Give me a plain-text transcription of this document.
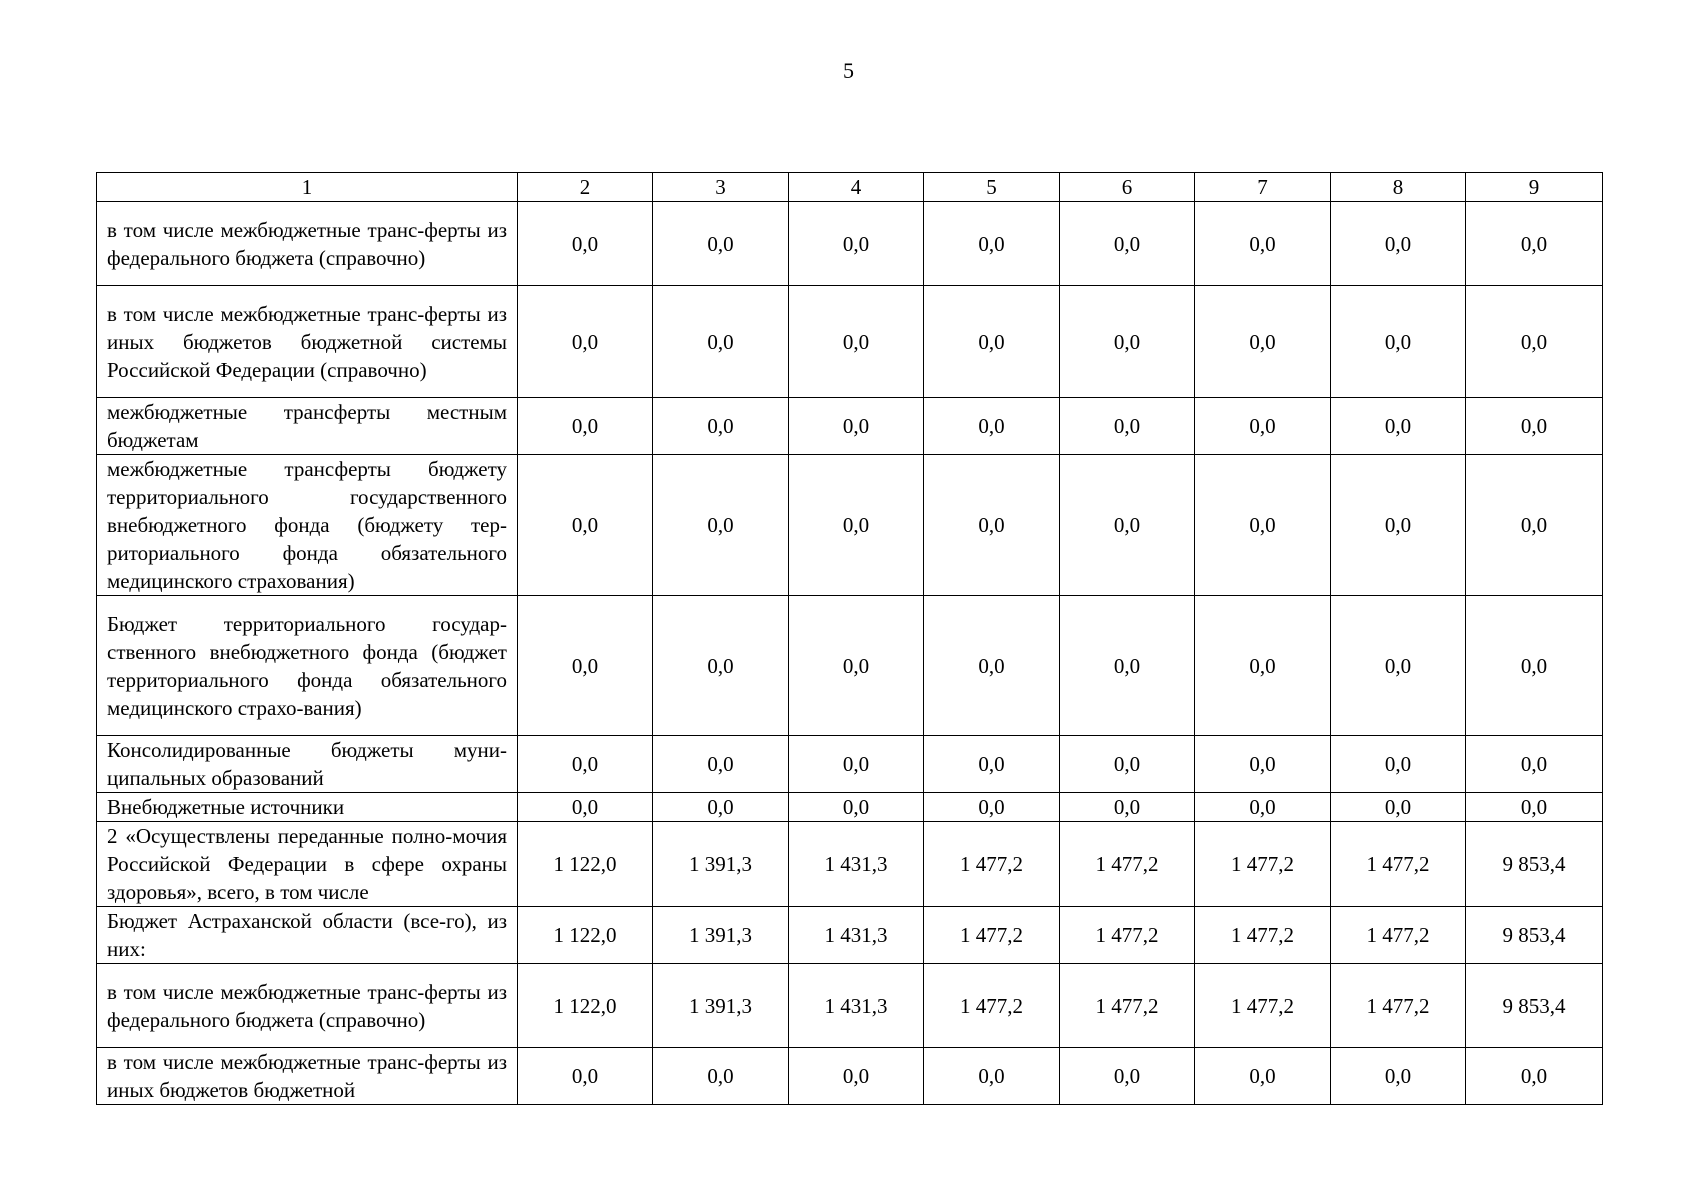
5
1	2	3	4	5	6	7	8	9
в том числе межбюджетные транс-ферты из федерального бюджета (справочно)	0,0	0,0	0,0	0,0	0,0	0,0	0,0	0,0
в том числе межбюджетные транс-ферты из иных бюджетов бюджетной системы Российской Федерации (справочно)	0,0	0,0	0,0	0,0	0,0	0,0	0,0	0,0
межбюджетные трансферты местным бюджетам	0,0	0,0	0,0	0,0	0,0	0,0	0,0	0,0
межбюджетные трансферты бюджету территориального государственного внебюджетного фонда (бюджету тер-риториального фонда обязательного медицинского страхования)	0,0	0,0	0,0	0,0	0,0	0,0	0,0	0,0
Бюджет территориального государ-ственного внебюджетного фонда (бюджет территориального фонда обязательного медицинского страхо-вания)	0,0	0,0	0,0	0,0	0,0	0,0	0,0	0,0
Консолидированные бюджеты муни-ципальных образований	0,0	0,0	0,0	0,0	0,0	0,0	0,0	0,0
Внебюджетные источники	0,0	0,0	0,0	0,0	0,0	0,0	0,0	0,0
2 «Осуществлены переданные полно-мочия Российской Федерации в сфере охраны здоровья», всего, в том числе	1 122,0	1 391,3	1 431,3	1 477,2	1 477,2	1 477,2	1 477,2	9 853,4
Бюджет Астраханской области (все-го), из них:	1 122,0	1 391,3	1 431,3	1 477,2	1 477,2	1 477,2	1 477,2	9 853,4
в том числе межбюджетные транс-ферты из федерального бюджета (справочно)	1 122,0	1 391,3	1 431,3	1 477,2	1 477,2	1 477,2	1 477,2	9 853,4
в том числе межбюджетные транс-ферты из иных бюджетов бюджетной	0,0	0,0	0,0	0,0	0,0	0,0	0,0	0,0
